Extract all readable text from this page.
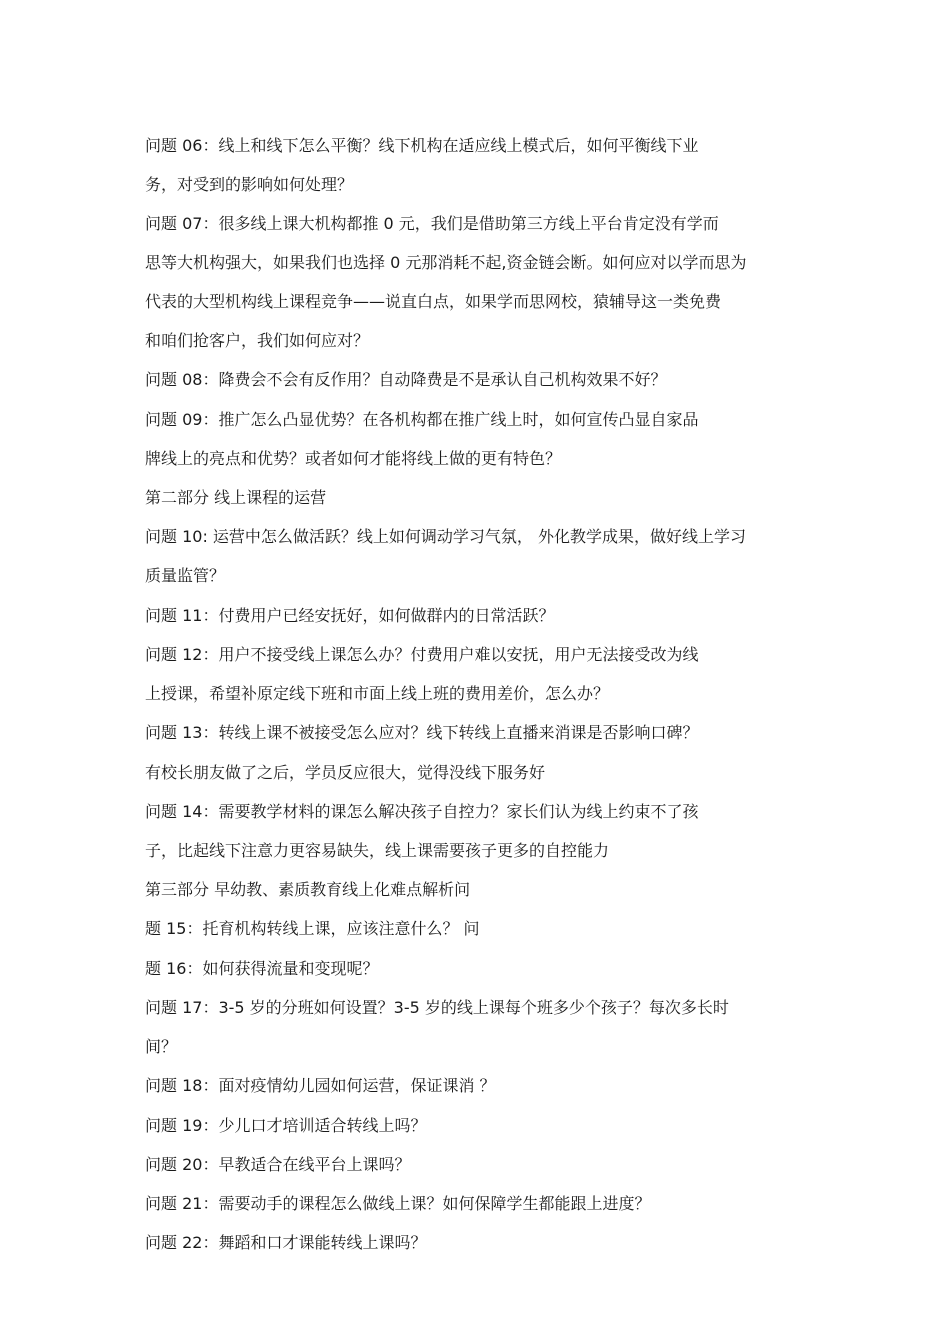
问题 06：线上和线下怎么平衡？线下机构在适应线上模式后，如何平衡线下业
务，对受到的影响如何处理？
问题 07：很多线上课大机构都推 0 元，我们是借助第三方线上平台肯定没有学而
思等大机构强大，如果我们也选择 0 元那消耗不起,资金链会断。如何应对以学而思为
代表的大型机构线上课程竞争——说直白点，如果学而思网校，猿辅导这一类免费
和咱们抢客户，我们如何应对？
问题 08：降费会不会有反作用？自动降费是不是承认自己机构效果不好？
问题 09：推广怎么凸显优势？在各机构都在推广线上时，如何宣传凸显自家品
牌线上的亮点和优势？或者如何才能将线上做的更有特色？
第二部分 线上课程的运营
问题 10: 运营中怎么做活跃？线上如何调动学习气氛， 外化教学成果，做好线上学习
质量监管？
问题 11：付费用户已经安抚好，如何做群内的日常活跃？
问题 12：用户不接受线上课怎么办？付费用户难以安抚，用户无法接受改为线
上授课，希望补原定线下班和市面上线上班的费用差价，怎么办？
问题 13：转线上课不被接受怎么应对？线下转线上直播来消课是否影响口碑？
有校长朋友做了之后，学员反应很大，觉得没线下服务好
问题 14：需要教学材料的课怎么解决孩子自控力？家长们认为线上约束不了孩
子，比起线下注意力更容易缺失，线上课需要孩子更多的自控能力
第三部分 早幼教、素质教育线上化难点解析问
题 15：托育机构转线上课，应该注意什么？ 问
题 16：如何获得流量和变现呢？
问题 17：3-5 岁的分班如何设置？3-5 岁的线上课每个班多少个孩子？每次多长时
间？
问题 18：面对疫情幼儿园如何运营，保证课消 ？
问题 19：少儿口才培训适合转线上吗？
问题 20：早教适合在线平台上课吗？
问题 21：需要动手的课程怎么做线上课？如何保障学生都能跟上进度？
问题 22：舞蹈和口才课能转线上课吗？
